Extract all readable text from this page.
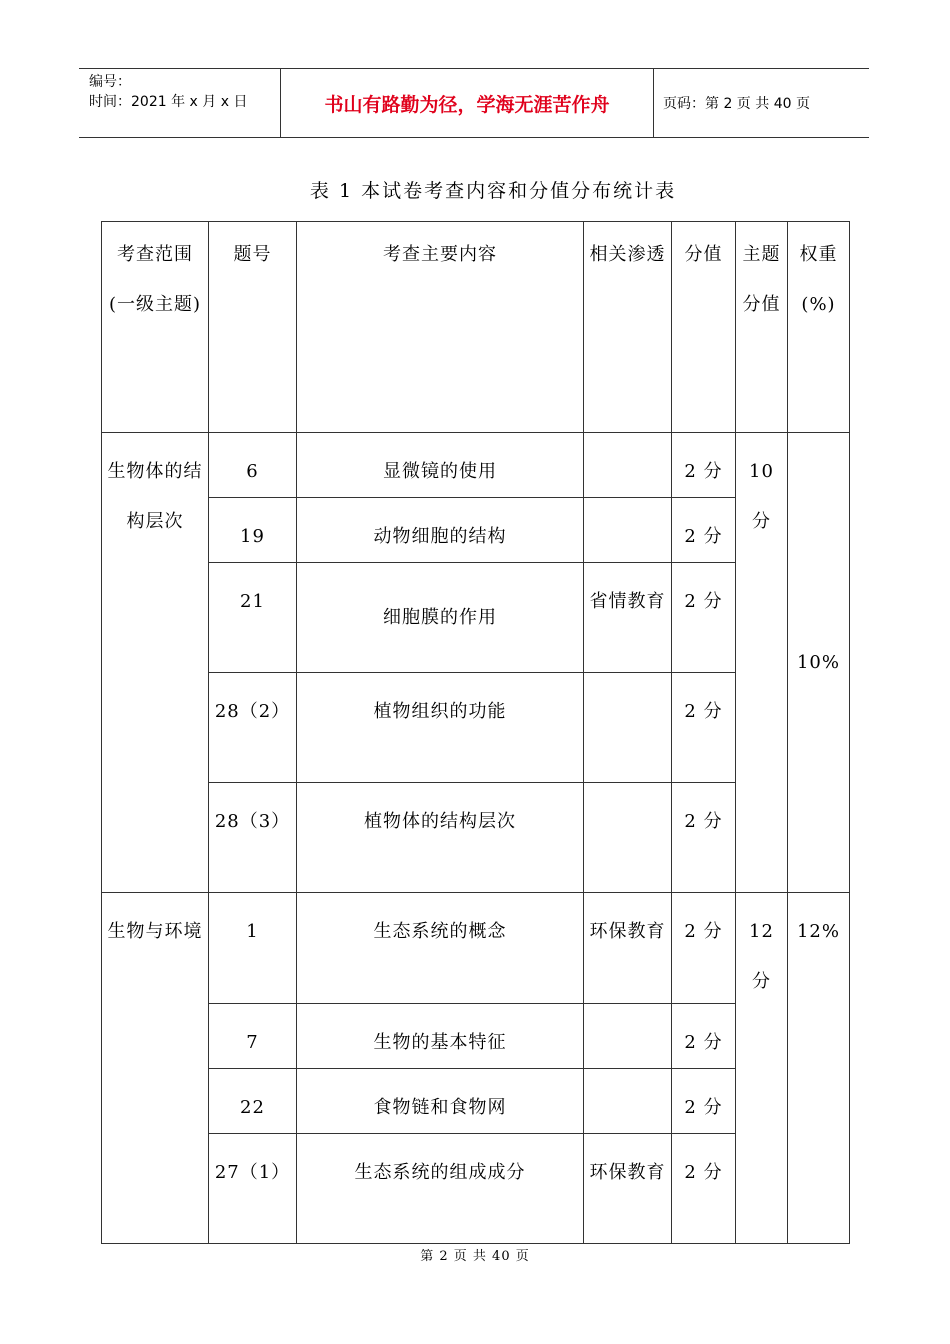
编号：
时间：2021 年 x 月 x 日	书山有路勤为径，学海无涯苦作舟	页码：第 2 页 共 40 页
表 1 本试卷考查内容和分值分布统计表
考查范围(一级主题)	题号	考查主要内容	相关渗透	分值	主题分值	权重(%)
生物体的结构层次	6	显微镜的使用		2 分	10 分	10%
	19	动物细胞的结构		2 分		
	21	细胞膜的作用	省情教育	2 分		
	28（2）	植物组织的功能		2 分		
	28（3）	植物体的结构层次		2 分		
生物与环境	1	生态系统的概念	环保教育	2 分	12 分	12%
	7	生物的基本特征		2 分		
	22	食物链和食物网		2 分		
	27（1）	生态系统的组成成分	环保教育	2 分		
第 2 页 共 40 页
